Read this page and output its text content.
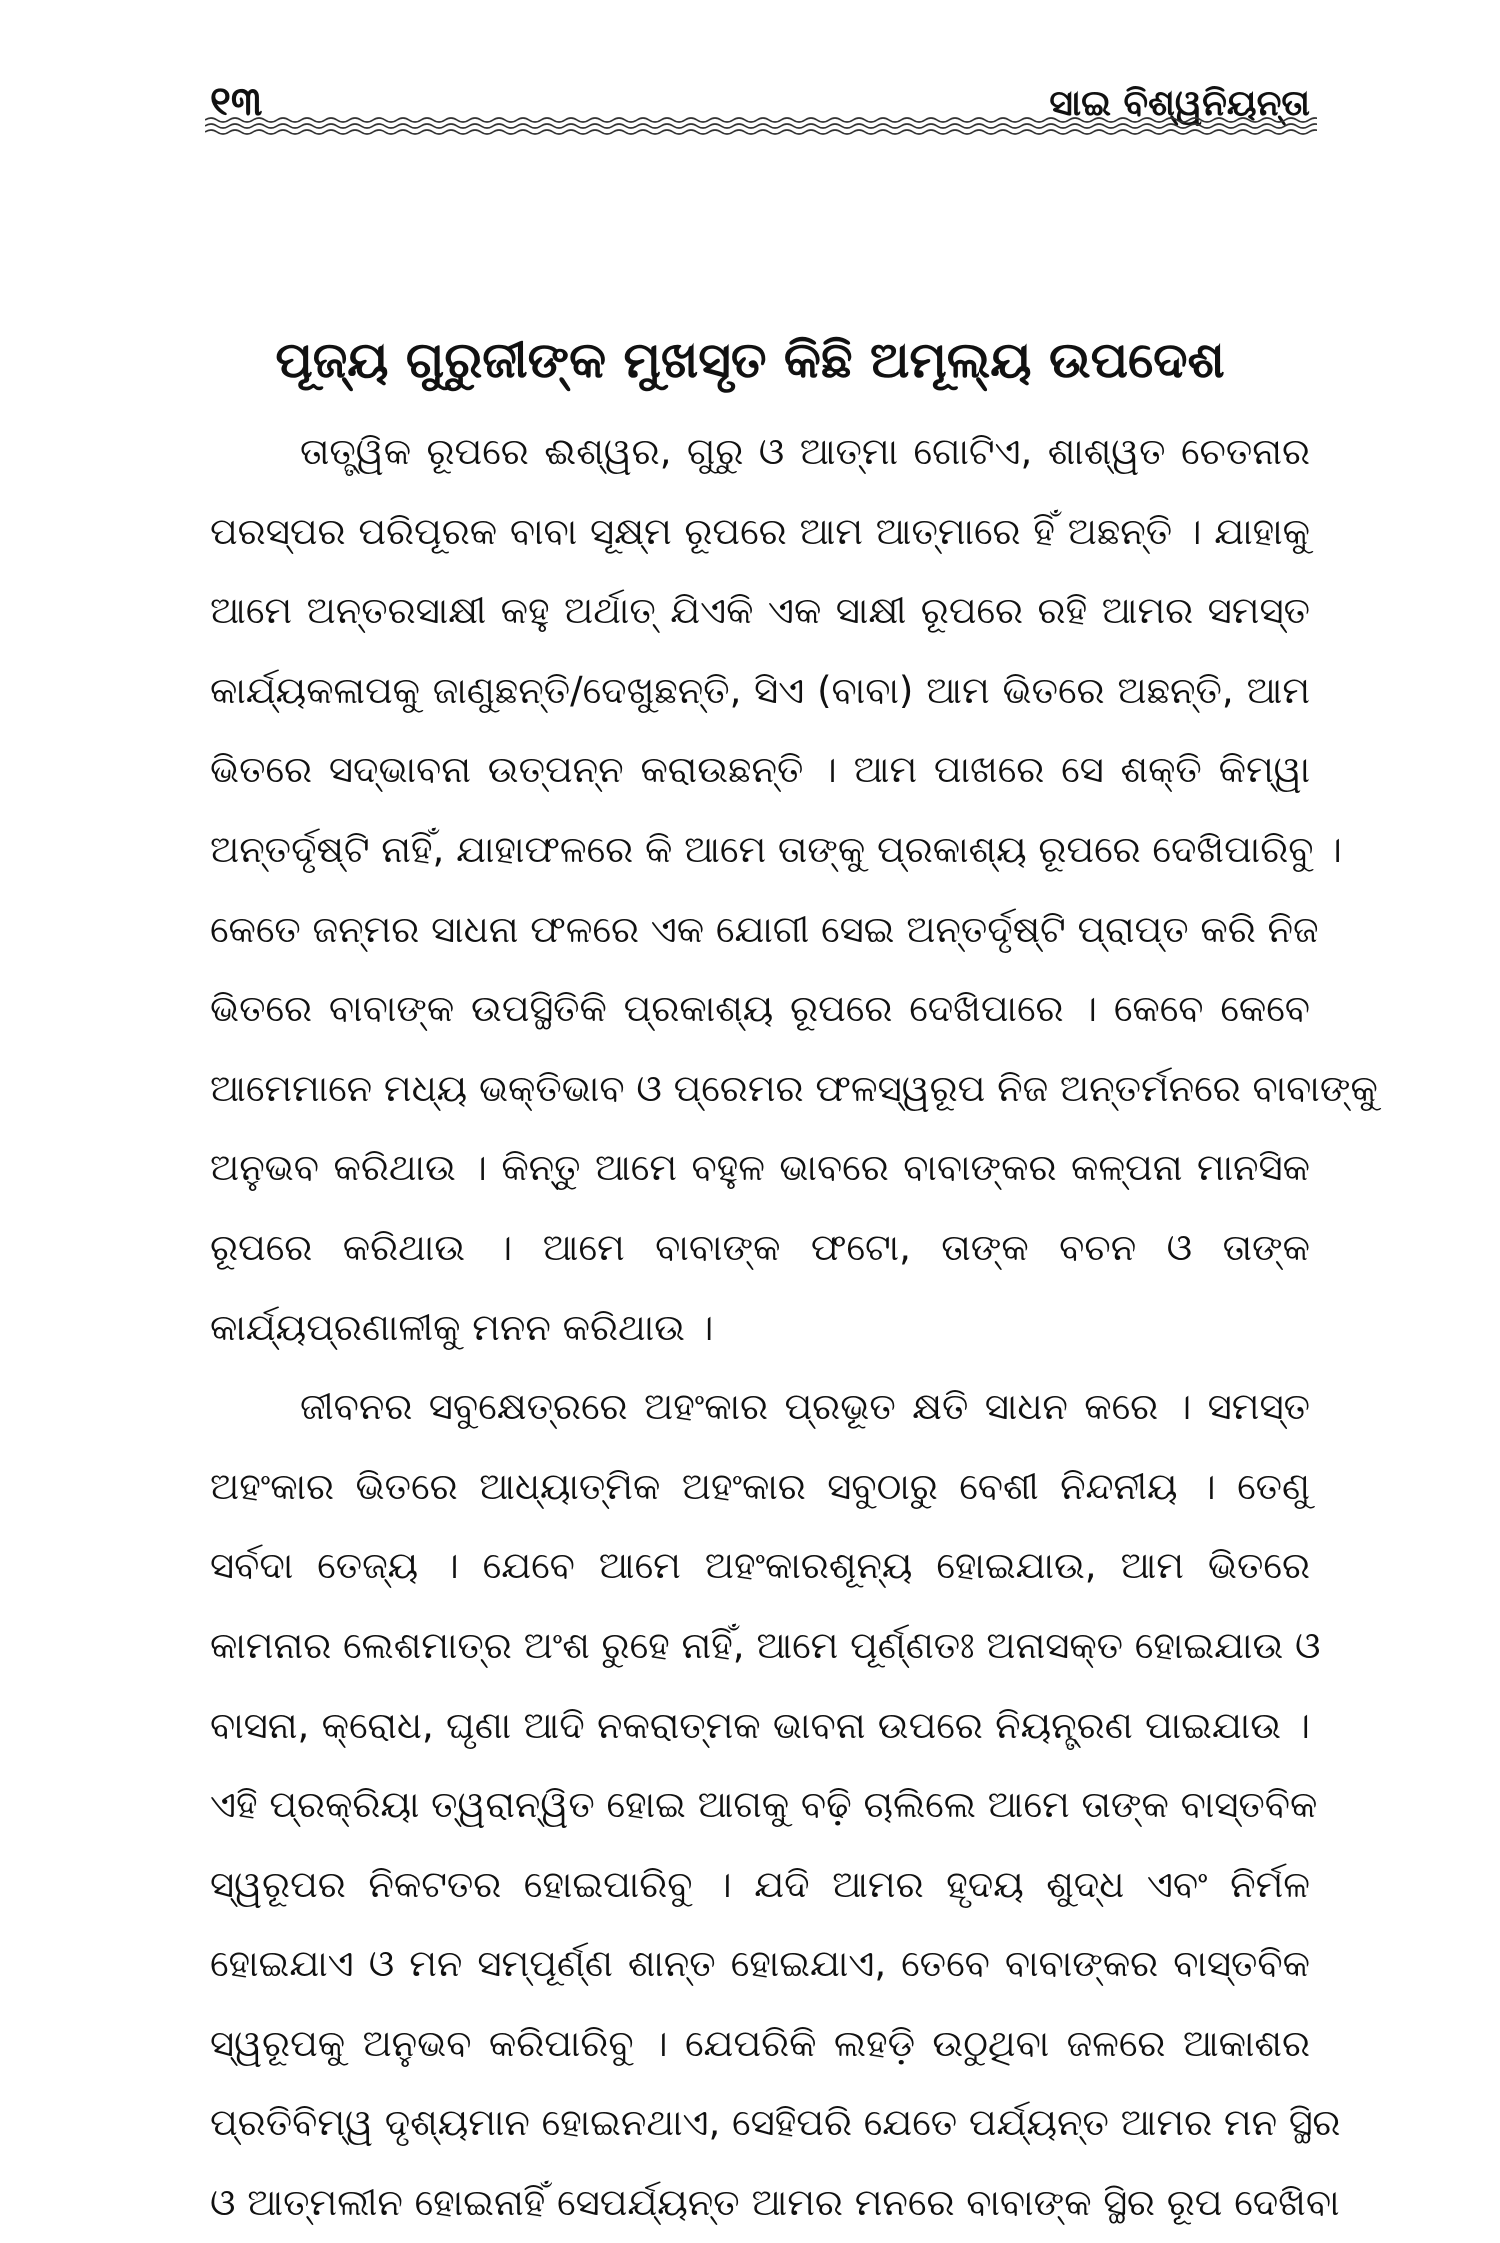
୧୩	ସାଇ ବିଶ୍ୱନିୟନ୍ତା
ପୂଜ୍ୟ ଗୁରୁଜୀଙ୍କ ମୁଖସୃତ କିଛି ଅମୂଲ୍ୟ ଉପଦେଶ
ତାତ୍ତ୍ୱିକ ରୂପରେ ଈଶ୍ୱର, ଗୁରୁ ଓ ଆତ୍ମା ଗୋଟିଏ, ଶାଶ୍ୱତ ଚେତନାର
ପରସ୍ପର ପରିପୂରକ ବାବା ସୂକ୍ଷ୍ମ ରୂପରେ ଆମ ଆତ୍ମାରେ ହିଁ ଅଛନ୍ତି । ଯାହାକୁ
ଆମେ ଅନ୍ତରସାକ୍ଷୀ କହୁ ଅର୍ଥାତ୍ ଯିଏକି ଏକ ସାକ୍ଷୀ ରୂପରେ ରହି ଆମର ସମସ୍ତ
କାର୍ଯ୍ୟକଳାପକୁ ଜାଣୁଛନ୍ତି/ଦେଖୁଛନ୍ତି, ସିଏ (ବାବା) ଆମ ଭିତରେ ଅଛନ୍ତି, ଆମ
ଭିତରେ ସଦ୍‌ଭାବନା ଉତ୍ପନ୍ନ କରାଉଛନ୍ତି । ଆମ ପାଖରେ ସେ ଶକ୍ତି କିମ୍ୱା
ଅନ୍ତର୍ଦୃଷ୍ଟି ନାହିଁ, ଯାହାଫଳରେ କି ଆମେ ତାଙ୍କୁ ପ୍ରକାଶ୍ୟ ରୂପରେ ଦେଖିପାରିବୁ ।
କେତେ ଜନ୍ମର ସାଧନା ଫଳରେ ଏକ ଯୋଗୀ ସେଇ ଅନ୍ତର୍ଦୃଷ୍ଟି ପ୍ରାପ୍ତ କରି ନିଜ
ଭିତରେ ବାବାଙ୍କ ଉପସ୍ଥିତିକି ପ୍ରକାଶ୍ୟ ରୂପରେ ଦେଖିପାରେ । କେବେ କେବେ
ଆମେମାନେ ମଧ୍ୟ ଭକ୍ତିଭାବ ଓ ପ୍ରେମର ଫଳସ୍ୱରୂପ ନିଜ ଅନ୍ତର୍ମନରେ ବାବାଙ୍କୁ
ଅନୁଭବ କରିଥାଉ । କିନ୍ତୁ ଆମେ ବହୁଳ ଭାବରେ ବାବାଙ୍କର କଳ୍ପନା ମାନସିକ
ରୂପରେ କରିଥାଉ । ଆମେ ବାବାଙ୍କ ଫଟୋ, ତାଙ୍କ ବଚନ ଓ ତାଙ୍କ
କାର୍ଯ୍ୟପ୍ରଣାଳୀକୁ ମନନ କରିଥାଉ ।
ଜୀବନର ସବୁକ୍ଷେତ୍ରରେ ଅହଂକାର ପ୍ରଭୂତ କ୍ଷତି ସାଧନ କରେ । ସମସ୍ତ
ଅହଂକାର ଭିତରେ ଆଧ୍ୟାତ୍ମିକ ଅହଂକାର ସବୁଠାରୁ ବେଶୀ ନିନ୍ଦନୀୟ । ତେଣୁ
ସର୍ବଦା ତେଜ୍ୟ । ଯେବେ ଆମେ ଅହଂକାରଶୂନ୍ୟ ହୋଇଯାଉ, ଆମ ଭିତରେ
କାମନାର ଲେଶମାତ୍ର ଅଂଶ ରୁହେ ନାହିଁ, ଆମେ ପୂର୍ଣ୍ଣତଃ ଅନାସକ୍ତ ହୋଇଯାଉ ଓ
ବାସନା, କ୍ରୋଧ, ଘୃଣା ଆଦି ନକରାତ୍ମକ ଭାବନା ଉପରେ ନିୟନ୍ତ୍ରଣ ପାଇଯାଉ ।
ଏହି ପ୍ରକ୍ରିୟା ତ୍ୱରାନ୍ୱିତ ହୋଇ ଆଗକୁ ବଢ଼ି ଚାଲିଲେ ଆମେ ତାଙ୍କ ବାସ୍ତବିକ
ସ୍ୱରୂପର ନିକଟତର ହୋଇପାରିବୁ । ଯଦି ଆମର ହୃଦୟ ଶୁଦ୍ଧ ଏବଂ ନିର୍ମଳ
ହୋଇଯାଏ ଓ ମନ ସମ୍ପୂର୍ଣ୍ଣ ଶାନ୍ତ ହୋଇଯାଏ, ତେବେ ବାବାଙ୍କର ବାସ୍ତବିକ
ସ୍ୱରୂପକୁ ଅନୁଭବ କରିପାରିବୁ । ଯେପରିକି ଲହଡ଼ି ଉଠୁଥିବା ଜଳରେ ଆକାଶର
ପ୍ରତିବିମ୍ୱ ଦୃଶ୍ୟମାନ ହୋଇନଥାଏ, ସେହିପରି ଯେତେ ପର୍ଯ୍ୟନ୍ତ ଆମର ମନ ସ୍ଥିର
ଓ ଆତ୍ମଲୀନ ହୋଇନାହିଁ ସେପର୍ଯ୍ୟନ୍ତ ଆମର ମନରେ ବାବାଙ୍କ ସ୍ଥିର ରୂପ ଦେଖିବା
